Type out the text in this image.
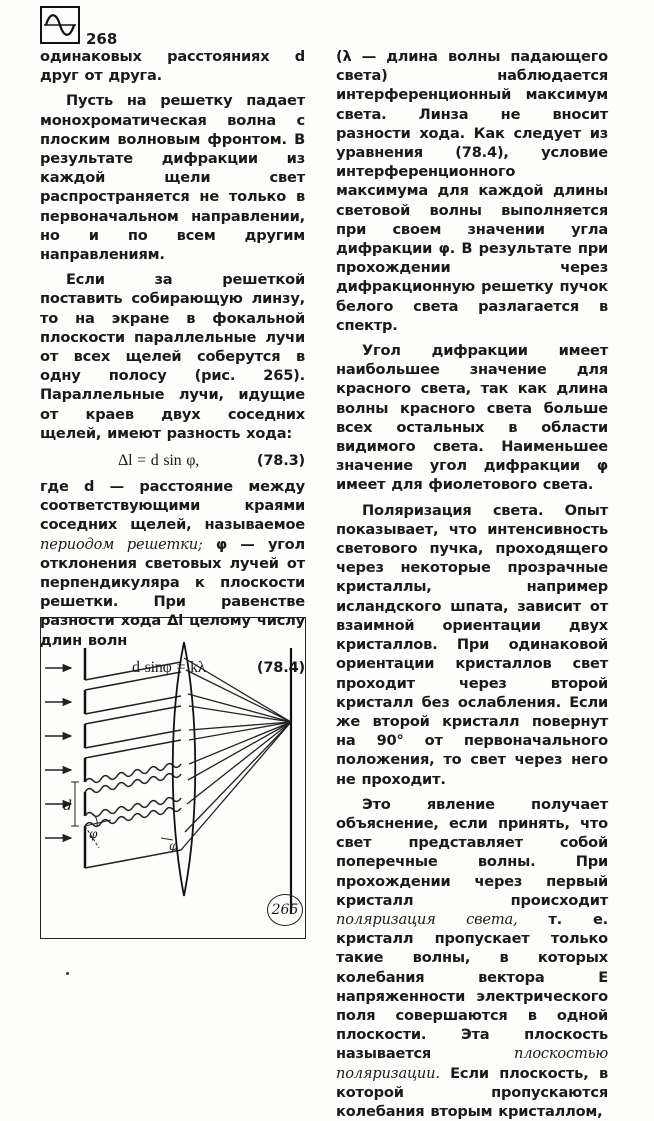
268

одинаковых расстояниях d друг от друга.

Пусть на решетку падает монохроматическая волна с плоским волновым фронтом. В результате дифракции из каждой щели свет распространяется не только в первоначальном направлении, но и по всем другим направлениям.

Если за решеткой поставить собирающую линзу, то на экране в фокальной плоскости параллельные лучи от всех щелей соберутся в одну полосу (рис. 265). Параллельные лучи, идущие от краев двух соседних щелей, имеют разность хода:

Δl = d sin φ,	(78.3)

где d — расстояние между соответствующими краями соседних щелей, называемое периодом решетки; φ — угол отклонения световых лучей от перпендикуляра к плоскости решетки. При равенстве разности хода Δl целому числу длин волн

d sinφ = kλ	(78.4)
d
φ
φ
265

(λ — длина волны падающего света) наблюдается интерференционный максимум света. Линза не вносит разности хода. Как следует из уравнения (78.4), условие интерференционного максимума для каждой длины световой волны выполняется при своем значении угла дифракции φ. В результате при прохождении через дифракционную решетку пучок белого света разлагается в спектр.

Угол дифракции имеет наибольшее значение для красного света, так как длина волны красного света больше всех остальных в области видимого света. Наименьшее значение угол дифракции φ имеет для фиолетового света.

Поляризация света. Опыт показывает, что интенсивность светового пучка, проходящего через некоторые прозрачные кристаллы, например исландского шпата, зависит от взаимной ориентации двух кристаллов. При одинаковой ориентации кристаллов свет проходит через второй кристалл без ослабления. Если же второй кристалл повернут на 90° от первоначального положения, то свет через него не проходит.

Это явление получает объяснение, если принять, что свет представляет собой поперечные волны. При прохождении через первый кристалл происходит поляризация света, т. е. кристалл пропускает только такие волны, в которых колебания вектора E напряженности электрического поля совершаются в одной плоскости. Эта плоскость называется плоскостью поляризации. Если плоскость, в которой пропускаются колебания вторым кристаллом,
